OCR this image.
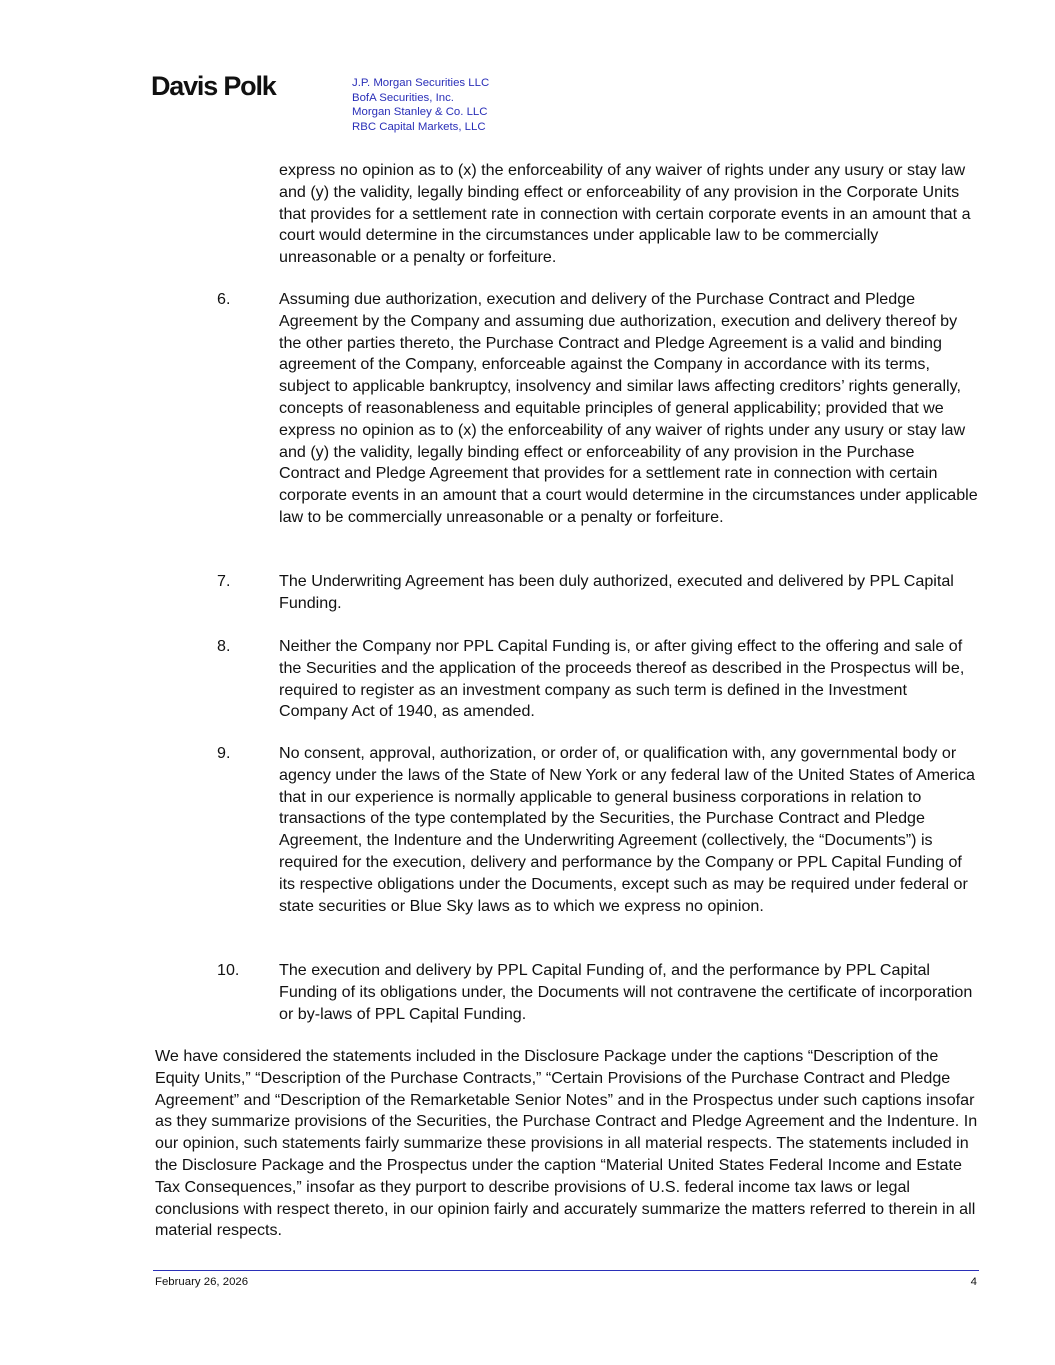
Davis Polk	J.P. Morgan Securities LLC
BofA Securities, Inc.
Morgan Stanley & Co. LLC
RBC Capital Markets, LLC

express no opinion as to (x) the enforceability of any waiver of rights under any usury or stay law and (y) the validity, legally binding effect or enforceability of any provision in the Corporate Units that provides for a settlement rate in connection with certain corporate events in an amount that a court would determine in the circumstances under applicable law to be commercially unreasonable or a penalty or forfeiture.

6.	Assuming due authorization, execution and delivery of the Purchase Contract and Pledge Agreement by the Company and assuming due authorization, execution and delivery thereof by the other parties thereto, the Purchase Contract and Pledge Agreement is a valid and binding agreement of the Company, enforceable against the Company in accordance with its terms, subject to applicable bankruptcy, insolvency and similar laws affecting creditors’ rights generally, concepts of reasonableness and equitable principles of general applicability; provided that we express no opinion as to (x) the enforceability of any waiver of rights under any usury or stay law and (y) the validity, legally binding effect or enforceability of any provision in the Purchase Contract and Pledge Agreement that provides for a settlement rate in connection with certain corporate events in an amount that a court would determine in the circumstances under applicable law to be commercially unreasonable or a penalty or forfeiture.
7.	The Underwriting Agreement has been duly authorized, executed and delivered by PPL Capital Funding.
8.	Neither the Company nor PPL Capital Funding is, or after giving effect to the offering and sale of the Securities and the application of the proceeds thereof as described in the Prospectus will be, required to register as an investment company as such term is defined in the Investment Company Act of 1940, as amended.
9.	No consent, approval, authorization, or order of, or qualification with, any governmental body or agency under the laws of the State of New York or any federal law of the United States of America that in our experience is normally applicable to general business corporations in relation to transactions of the type contemplated by the Securities, the Purchase Contract and Pledge Agreement, the Indenture and the Underwriting Agreement (collectively, the “Documents”) is required for the execution, delivery and performance by the Company or PPL Capital Funding of its respective obligations under the Documents, except such as may be required under federal or state securities or Blue Sky laws as to which we express no opinion.
10. The execution and delivery by PPL Capital Funding of, and the performance by PPL Capital Funding of its obligations under, the Documents will not contravene the certificate of incorporation or by-laws of PPL Capital Funding.

We have considered the statements included in the Disclosure Package under the captions “Description of the Equity Units,” “Description of the Purchase Contracts,” “Certain Provisions of the Purchase Contract and Pledge Agreement” and “Description of the Remarketable Senior Notes” and in the Prospectus under such captions insofar as they summarize provisions of the Securities, the Purchase Contract and Pledge Agreement and the Indenture. In our opinion, such statements fairly summarize these provisions in all material respects. The statements included in the Disclosure Package and the Prospectus under the caption “Material United States Federal Income and Estate Tax Consequences,” insofar as they purport to describe provisions of U.S. federal income tax laws or legal conclusions with respect thereto, in our opinion fairly and accurately summarize the matters referred to therein in all material respects.

February 26, 2026	4
